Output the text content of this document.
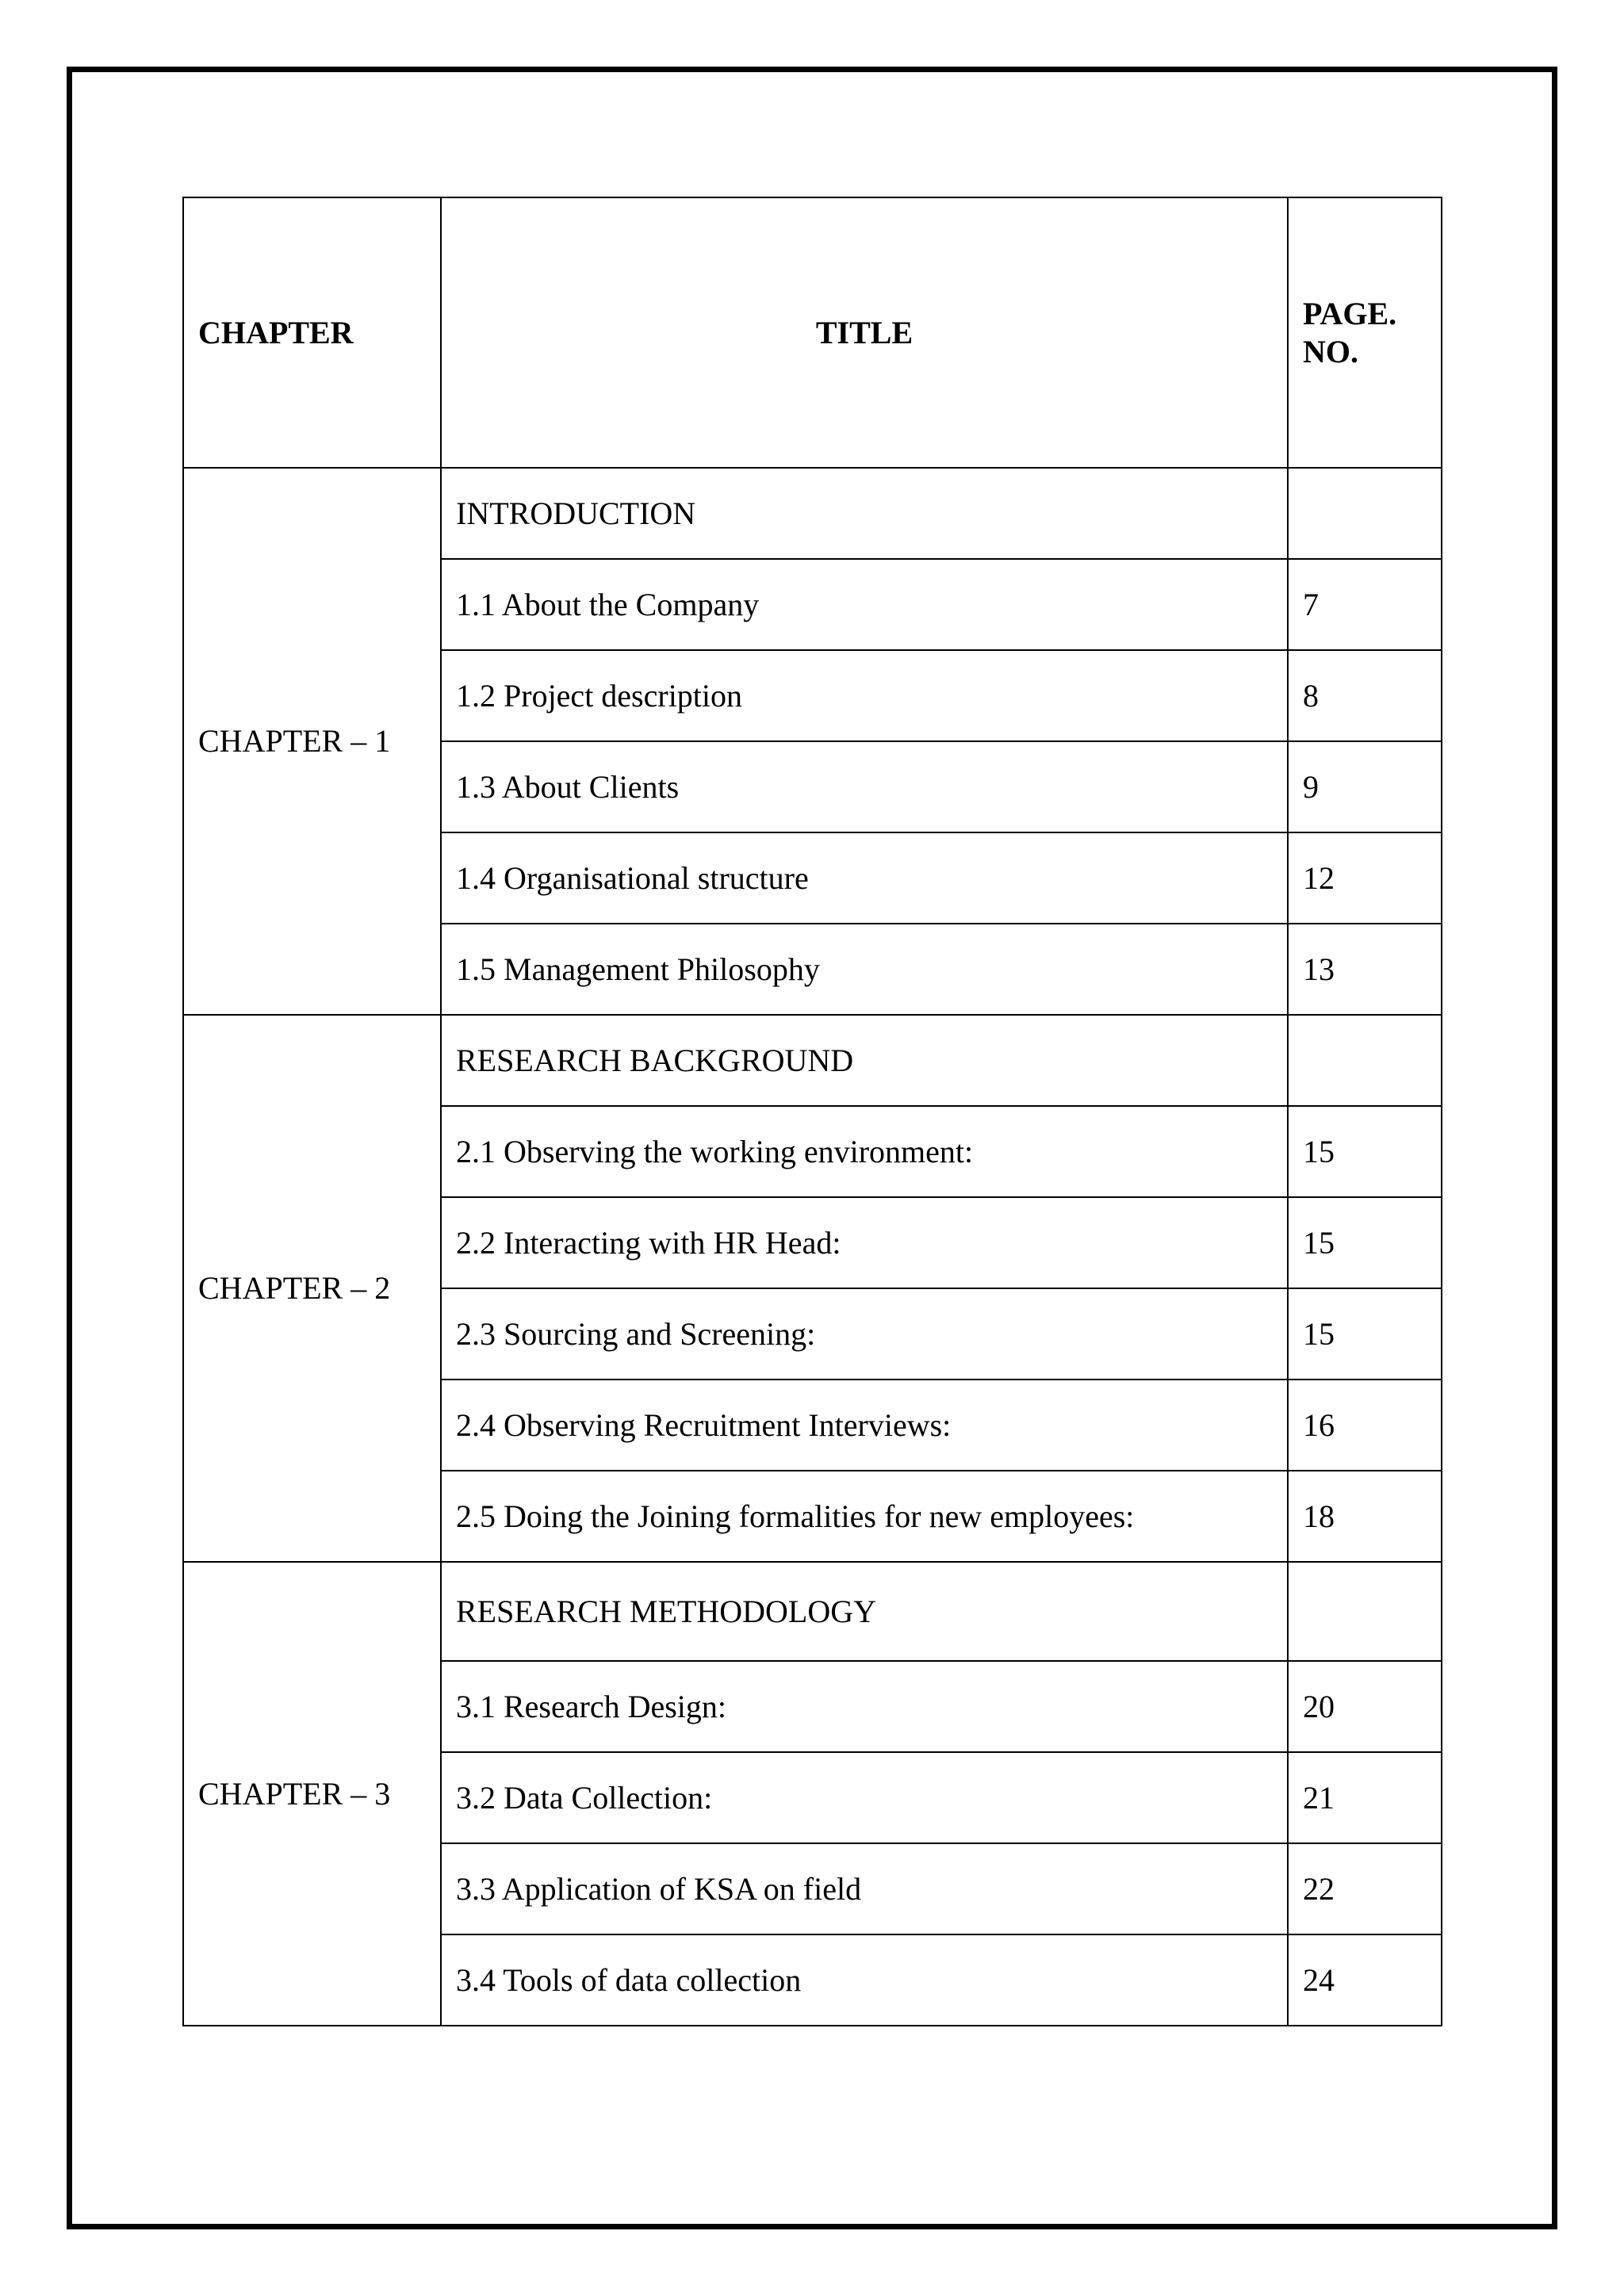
CHAPTER	TITLE	PAGE.
NO.
CHAPTER – 1	INTRODUCTION	
	1.1 About the Company	7
	1.2 Project description	8
	1.3 About Clients	9
	1.4 Organisational structure	12
	1.5 Management Philosophy	13
CHAPTER – 2	RESEARCH BACKGROUND	
	2.1 Observing the working environment:	15
	2.2 Interacting with HR Head:	15
	2.3 Sourcing and Screening:	15
	2.4 Observing Recruitment Interviews:	16
	2.5 Doing the Joining formalities for new employees:	18
CHAPTER – 3	RESEARCH METHODOLOGY	
	3.1 Research Design:	20
	3.2 Data Collection:	21
	3.3 Application of KSA on field	22
	3.4 Tools of data collection	24
